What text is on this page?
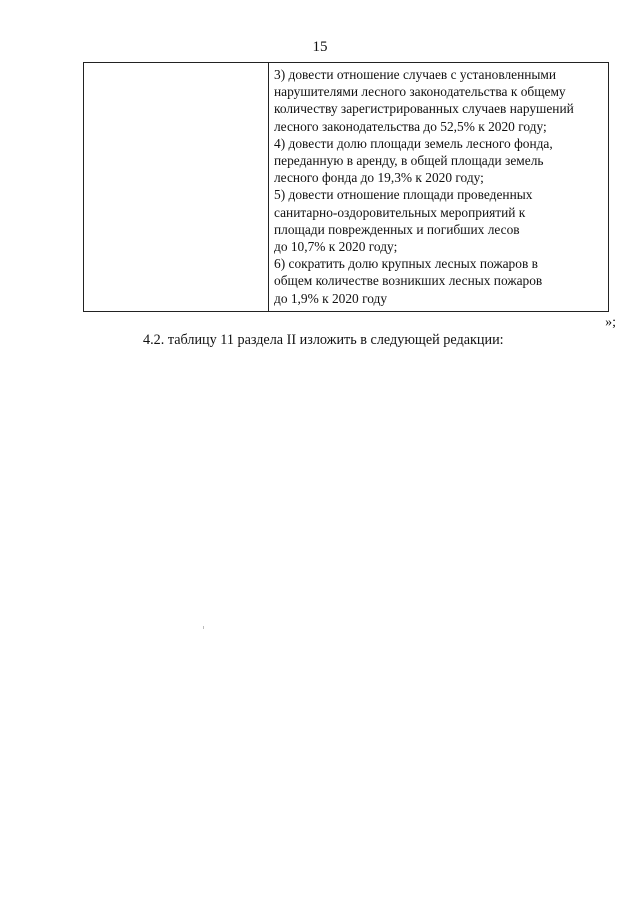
15

3) довести отношение случаев с установленными
нарушителями лесного законодательства к общему
количеству зарегистрированных случаев нарушений
лесного законодательства до 52,5% к 2020 году;
4) довести долю площади земель лесного фонда,
переданную в аренду, в общей площади земель
лесного фонда до 19,3% к 2020 году;
5) довести отношение площади проведенных
санитарно-оздоровительных мероприятий к
площади поврежденных и погибших лесов
до 10,7% к 2020 году;
6) сократить долю крупных лесных пожаров в
общем количестве возникших лесных пожаров
до 1,9% к 2020 году
»;
4.2. таблицу 11 раздела II изложить в следующей редакции:
